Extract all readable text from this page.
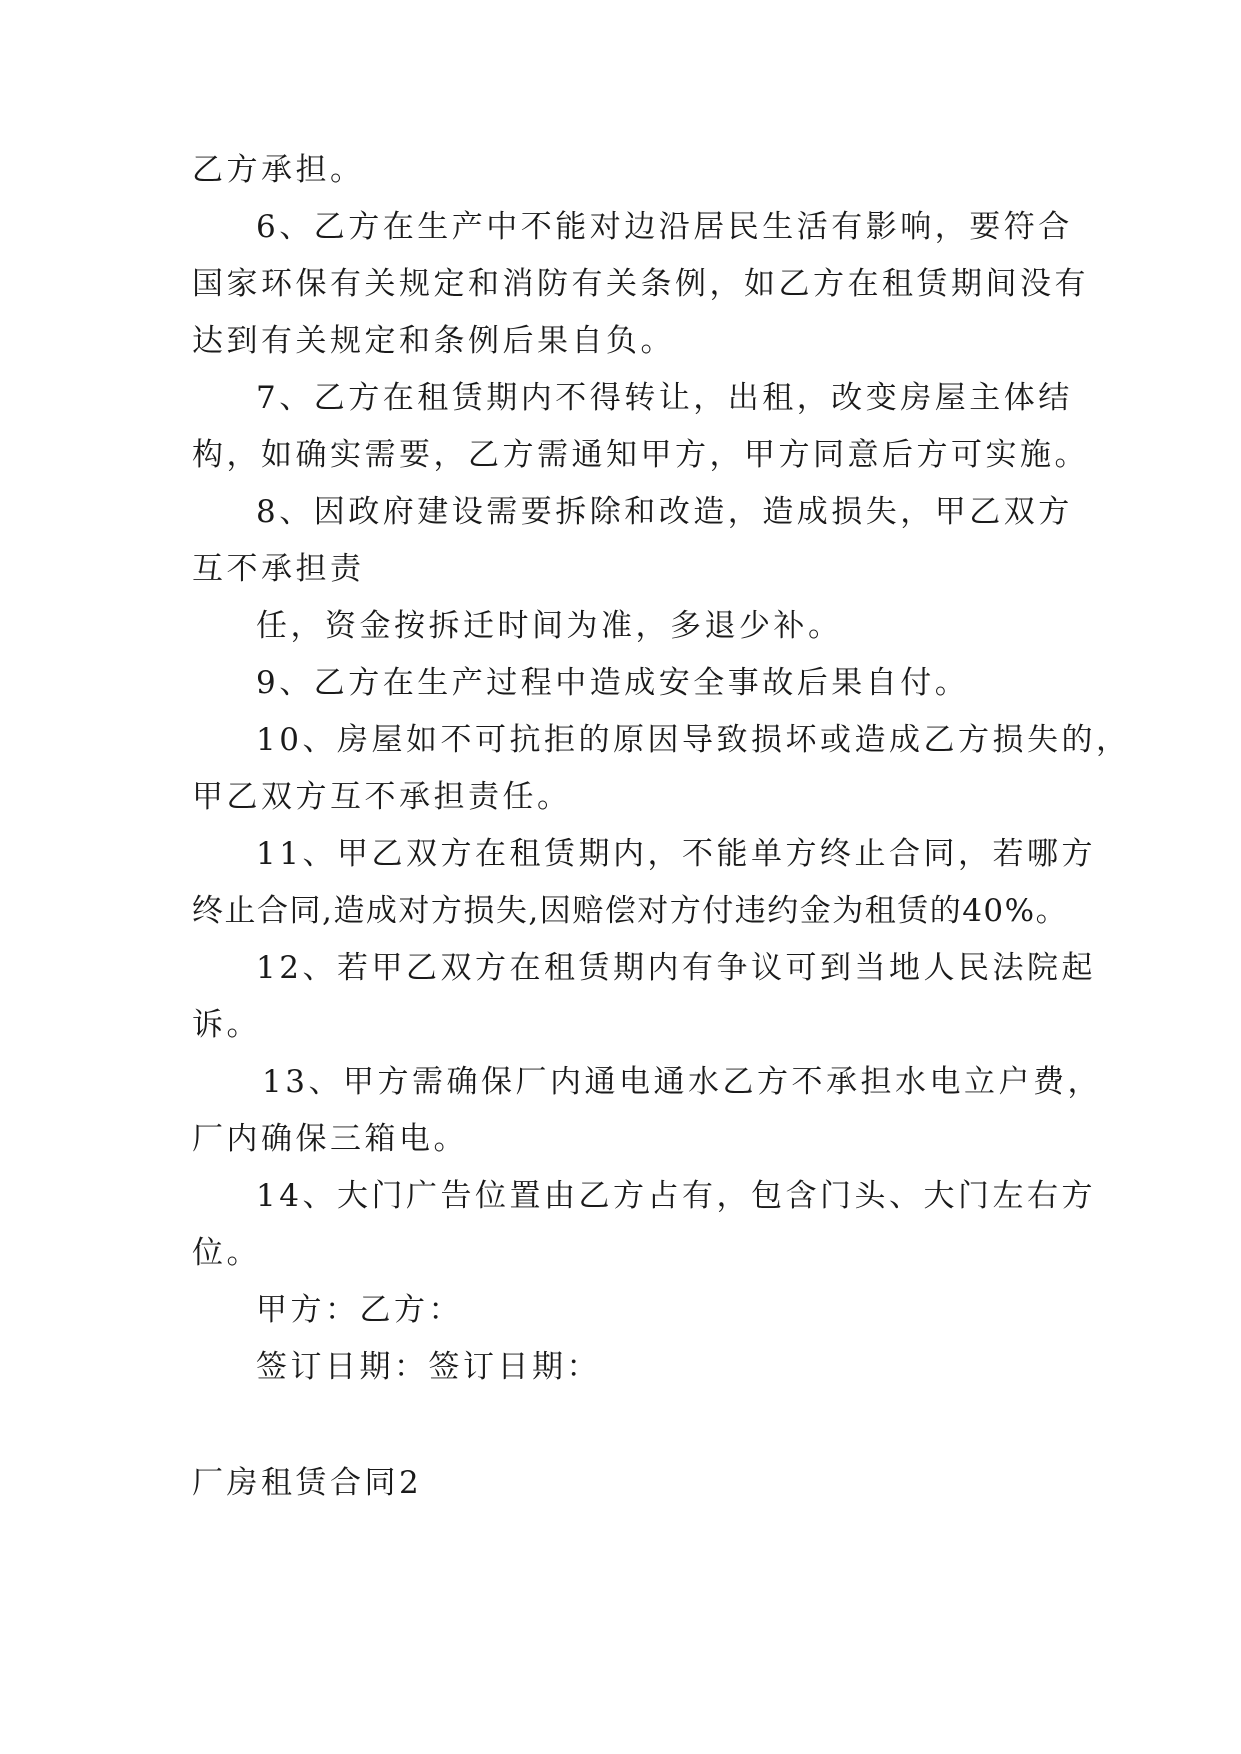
乙方承担。
6、乙方在生产中不能对边沿居民生活有影响，要符合
国家环保有关规定和消防有关条例，如乙方在租赁期间没有
达到有关规定和条例后果自负。
7、乙方在租赁期内不得转让，出租，改变房屋主体结
构，如确实需要，乙方需通知甲方，甲方同意后方可实施。
8、因政府建设需要拆除和改造，造成损失，甲乙双方
互不承担责
任，资金按拆迁时间为准，多退少补。
9、乙方在生产过程中造成安全事故后果自付。
10、房屋如不可抗拒的原因导致损坏或造成乙方损失的，
甲乙双方互不承担责任。
11、甲乙双方在租赁期内，不能单方终止合同，若哪方
终止合同,造成对方损失,因赔偿对方付违约金为租赁的40%。
12、若甲乙双方在租赁期内有争议可到当地人民法院起
诉。
13、甲方需确保厂内通电通水乙方不承担水电立户费，
厂内确保三箱电。
14、大门广告位置由乙方占有，包含门头、大门左右方
位。
甲方：乙方：
签订日期：签订日期：
厂房租赁合同2
